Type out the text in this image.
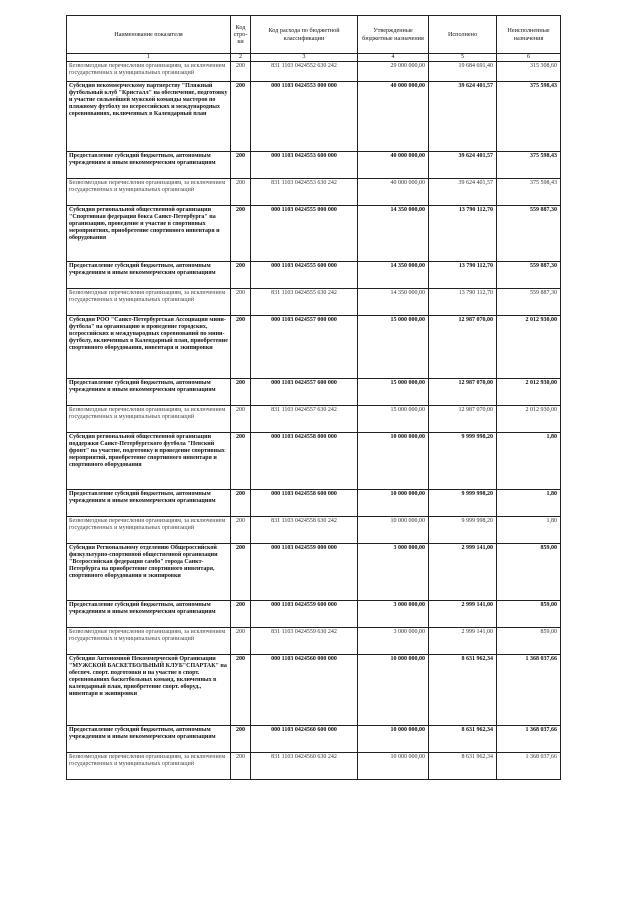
Наименование показателя	Код стро-ки	Код расхода по бюджетной классификации	Утвержденные бюджетные назначения	Исполнено	Неисполненные назначения
1	2	3	4	5	6
Безвозмездные перечисления организациям, за исключением государственных и муниципальных организаций	200	831 1103 0424552 630 242	29 000 000,00	19 684 691,40	315 308,60
Субсидия некоммерческому партнерству "Пляжный футбольный клуб "Кристалл" на обеспечение, подготовку и участие сильнейшей мужской команды мастеров по пляжному футболу во всероссийских и международных соревнованиях, включенных в Календарный план	200	000 1103 0424553 000 000	40 000 000,00	39 624 401,57	375 598,43
Предоставление субсидий бюджетным, автономным учреждениям и иным некоммерческим организациям	200	000 1103 0424553 600 000	40 000 000,00	39 624 401,57	375 598,43
Безвозмездные перечисления организациям, за исключением государственных и муниципальных организаций	200	831 1103 0424553 630 242	40 000 000,00	39 624 401,57	375 598,43
Субсидия региональной общественной организации "Спортивная федерация бокса Санкт-Петербурга" на организацию, проведение и участие в спортивных мероприятиях, приобретение спортивного инвентаря и оборудования	200	000 1103 0424555 000 000	14 350 000,00	13 790 112,70	559 887,30
Предоставление субсидий бюджетным, автономным учреждениям и иным некоммерческим организациям	200	000 1103 0424555 600 000	14 350 000,00	13 790 112,70	559 887,30
Безвозмездные перечисления организациям, за исключением государственных и муниципальных организаций	200	831 1103 0424555 630 242	14 350 000,00	13 790 112,70	559 887,30
Субсидия РОО "Санкт-Петербургская Ассоциация мини-футбола" на организацию и проведение городских, всероссийских и международных соревнований по мини-футболу, включенных в Календарный план, приобретение спортивного оборудования, инвентаря и экипировки	200	000 1103 0424557 000 000	15 000 000,00	12 987 070,00	2 012 930,00
Предоставление субсидий бюджетным, автономным учреждениям и иным некоммерческим организациям	200	000 1103 0424557 600 000	15 000 000,00	12 987 070,00	2 012 930,00
Безвозмездные перечисления организациям, за исключением государственных и муниципальных организаций	200	831 1103 0424557 630 242	15 000 000,00	12 987 070,00	2 012 930,00
Субсидия региональной общественной организации поддержки Санкт-Петербургского футбола "Невский фронт" на участие, подготовку и проведение спортивных мероприятий, приобретение спортивного инвентаря и спортивного оборудования	200	000 1103 0424558 000 000	10 000 000,00	9 999 998,20	1,80
Предоставление субсидий бюджетным, автономным учреждениям и иным некоммерческим организациям	200	000 1103 0424558 600 000	10 000 000,00	9 999 998,20	1,80
Безвозмездные перечисления организациям, за исключением государственных и муниципальных организаций	200	831 1103 0424558 630 242	10 000 000,00	9 999 998,20	1,80
Субсидия Региональному отделению Общероссийской физкультурно-спортивной общественной организации "Всероссийская федерация самбо" города Санкт-Петербурга на приобретение спортивного инвентаря, спортивного оборудования и экипировки	200	000 1103 0424559 000 000	3 000 000,00	2 999 141,00	859,00
Предоставление субсидий бюджетным, автономным учреждениям и иным некоммерческим организациям	200	000 1103 0424559 600 000	3 000 000,00	2 999 141,00	859,00
Безвозмездные перечисления организациям, за исключением государственных и муниципальных организаций	200	831 1103 0424559 630 242	3 000 000,00	2 999 141,00	859,00
Субсидия Автономной Некоммерческой Организации "МУЖСКОЙ БАСКЕТБОЛЬНЫЙ КЛУБ"СПАРТАК" на обеспеч. спорт. подготовки и на участие в спорт. соревнованиях баскетбольных команд, включенных в календарный план, приобретение спорт. оборуд., инвентаря и экипировки	200	000 1103 0424560 000 000	10 000 000,00	8 631 962,34	1 368 037,66
Предоставление субсидий бюджетным, автономным учреждениям и иным некоммерческим организациям	200	000 1103 0424560 600 000	10 000 000,00	8 631 962,34	1 368 037,66
Безвозмездные перечисления организациям, за исключением государственных и муниципальных организаций	200	831 1103 0424560 630 242	10 000 000,00	8 631 962,34	1 368 037,66
